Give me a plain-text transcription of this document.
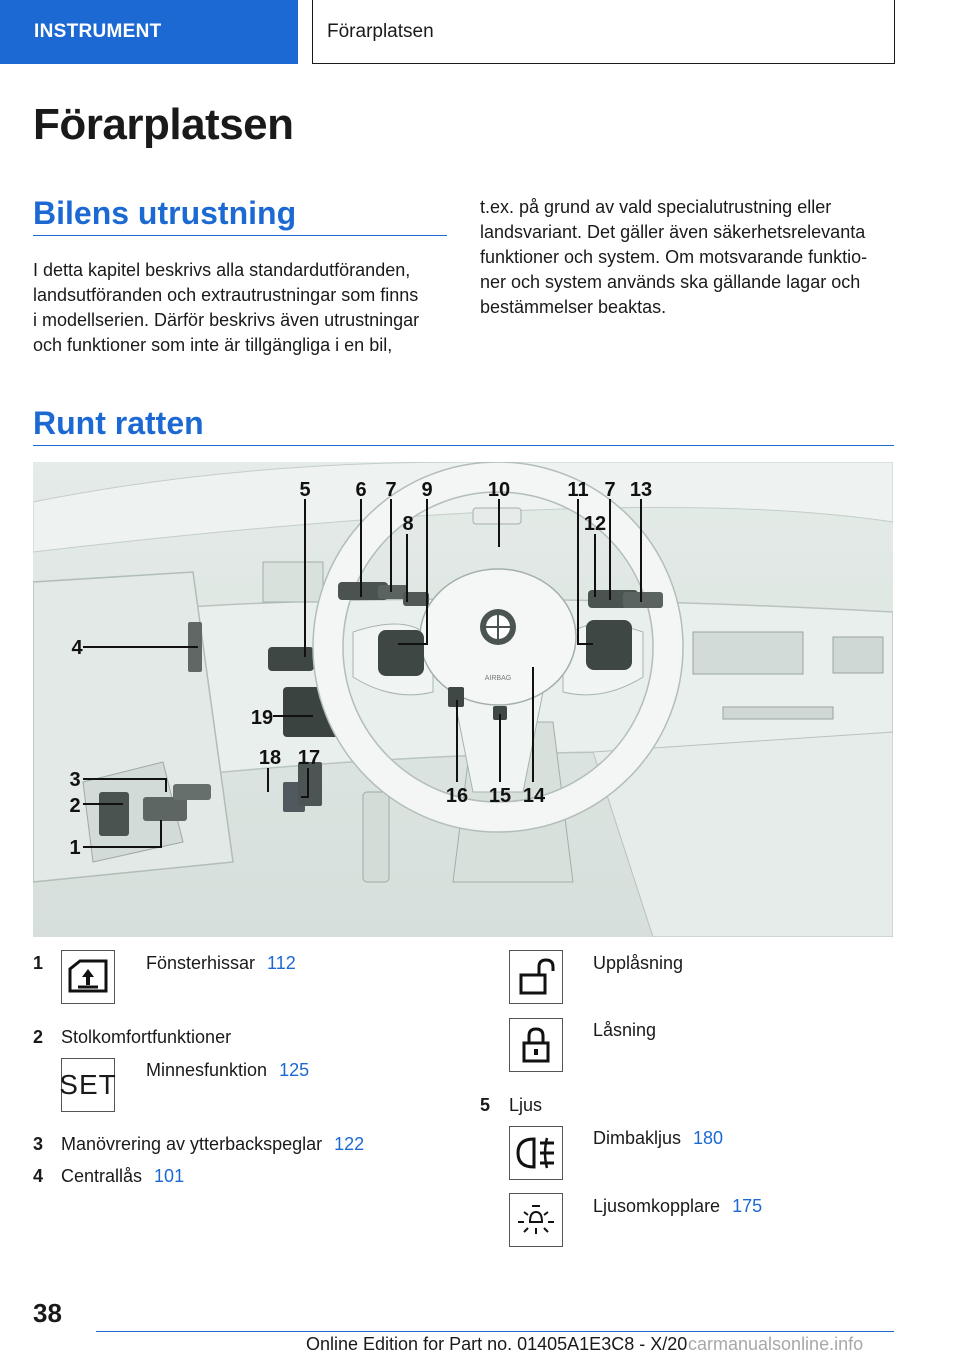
INSTRUMENT	Förarplatsen
Förarplatsen
Bilens utrustning
I detta kapitel beskrivs alla standardutföranden,
landsutföranden och extrautrustningar som finns
i modellserien. Därför beskrivs även utrustningar
och funktioner som inte är tillgängliga i en bil,
t.ex. på grund av vald specialutrustning eller
landsvariant. Det gäller även säkerhetsrelevanta
funktioner och system. Om motsvarande funktio-
ner och system används ska gällande lagar och
bestämmelser beaktas.
Runt ratten
AIRBAG
5 6 7 9
8
10	11 7 13
12
4
19
18 17
3
2
1
16 15 14
1	Fönsterhissar 112
2 Stolkomfortfunktioner
SET Minnesfunktion 125
3 Manövrering av ytterbackspeglar 122
4 Centrallås 101
Upplåsning
Låsning
5 Ljus
Dimbakljus 180
Ljusomkopplare 175

38

Online Edition for Part no. 01405A1E3C8 - X/20 carmanualsonline.info
